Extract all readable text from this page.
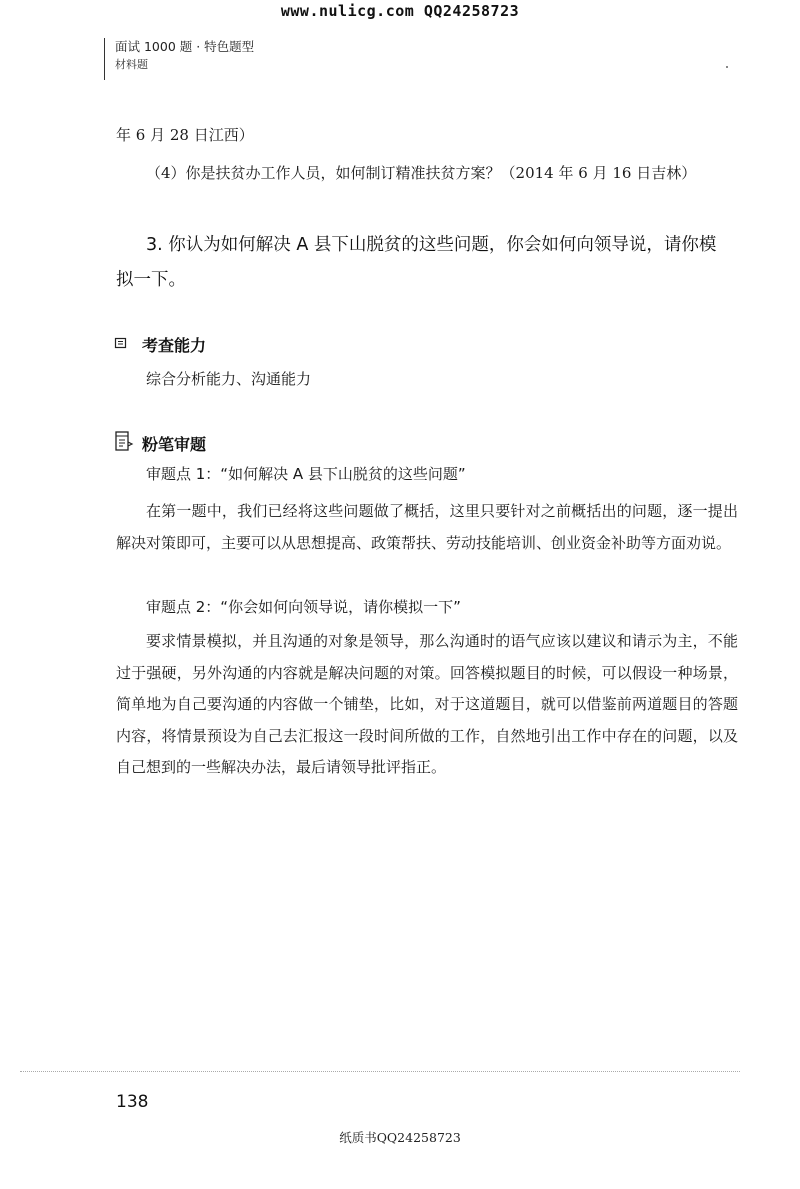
www.nulicg.com QQ24258723
面试 1000 题 · 特色题型
材料题

年 6 月 28 日江西）

（4）你是扶贫办工作人员，如何制订精准扶贫方案？（2014 年 6 月 16 日吉林）

3. 你认为如何解决 A 县下山脱贫的这些问题，你会如何向领导说，请你模
拟一下。

考查能力

综合分析能力、沟通能力

粉笔审题

审题点 1：“如何解决 A 县下山脱贫的这些问题”

在第一题中，我们已经将这些问题做了概括，这里只要针对之前概括出的问题，逐一提出解决对策即可，主要可以从思想提高、政策帮扶、劳动技能培训、创业资金补助等方面劝说。

审题点 2：“你会如何向领导说，请你模拟一下”

要求情景模拟，并且沟通的对象是领导，那么沟通时的语气应该以建议和请示为主，不能过于强硬，另外沟通的内容就是解决问题的对策。回答模拟题目的时候，可以假设一种场景，简单地为自己要沟通的内容做一个铺垫，比如，对于这道题目，就可以借鉴前两道题目的答题内容，将情景预设为自己去汇报这一段时间所做的工作，自然地引出工作中存在的问题，以及自己想到的一些解决办法，最后请领导批评指正。

138
纸质书QQ24258723
